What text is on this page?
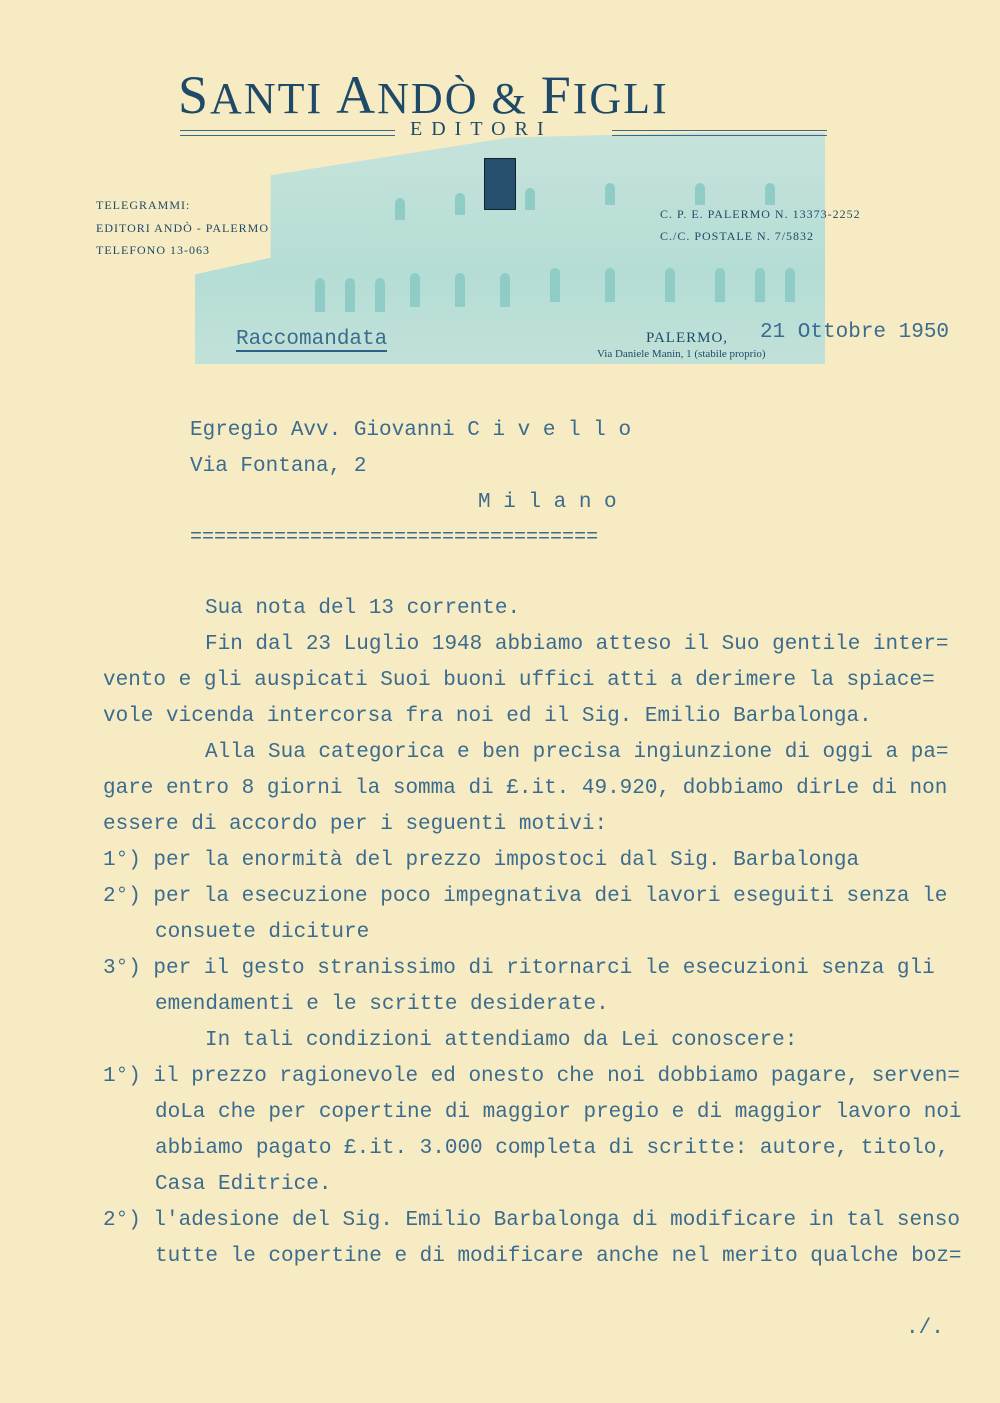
SANTI ANDÒ & FIGLI
EDITORI
TELEGRAMMI:
EDITORI ANDÒ - PALERMO
TELEFONO 13-063
C. P. E. PALERMO N. 13373-2252
C./C. POSTALE N. 7/5832
Raccomandata	PALERMO, 21 Ottobre 1950
Via Daniele Manin, 1 (stabile proprio)
Egregio Avv. Giovanni C i v e l l o
Via Fontana, 2
M i l a n o
==================================
Sua nota del 13 corrente.
Fin dal 23 Luglio 1948 abbiamo atteso il Suo gentile inter=
vento e gli auspicati Suoi buoni uffici atti a derimere la spiace=
vole vicenda intercorsa fra noi ed il Sig. Emilio Barbalonga.
Alla Sua categorica e ben precisa ingiunzione di oggi a pa=
gare entro 8 giorni la somma di £.it. 49.920, dobbiamo dirLe di non
essere di accordo per i seguenti motivi:
1°) per la enormità del prezzo impostoci dal Sig. Barbalonga
2°) per la esecuzione poco impegnativa dei lavori eseguiti senza le
consuete diciture
3°) per il gesto stranissimo di ritornarci le esecuzioni senza gli
emendamenti e le scritte desiderate.
In tali condizioni attendiamo da Lei conoscere:
1°) il prezzo ragionevole ed onesto che noi dobbiamo pagare, serven=
doLa che per copertine di maggior pregio e di maggior lavoro noi
abbiamo pagato £.it. 3.000 completa di scritte: autore, titolo,
Casa Editrice.
2°) l'adesione del Sig. Emilio Barbalonga di modificare in tal senso
tutte le copertine e di modificare anche nel merito qualche boz=
./.
